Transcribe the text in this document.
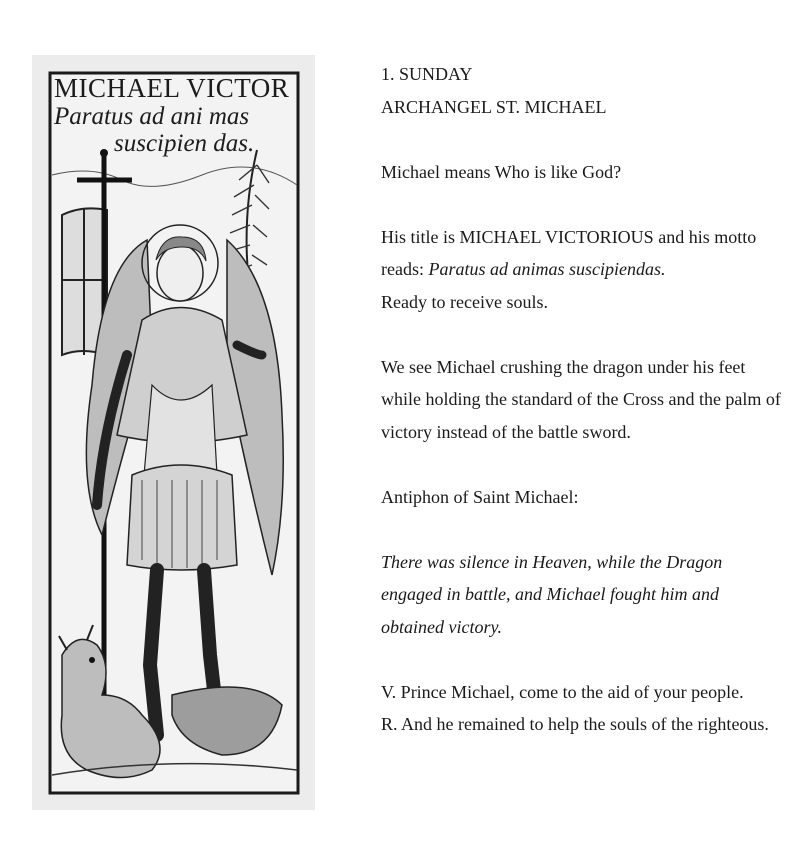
MICHAEL VICTOR
Paratus ad ani mas
suscipien das.

1. SUNDAY

ARCHANGEL ST. MICHAEL

Michael means Who is like God?

His title is MICHAEL VICTORIOUS and his motto reads: Paratus ad animas suscipiendas.

Ready to receive souls.

We see Michael crushing the dragon under his feet while holding the standard of the Cross and the palm of victory instead of the battle sword.

Antiphon of Saint Michael:

There was silence in Heaven, while the Dragon engaged in battle, and Michael fought him and obtained victory.

V. Prince Michael, come to the aid of your people.

R. And he remained to help the souls of the righteous.
